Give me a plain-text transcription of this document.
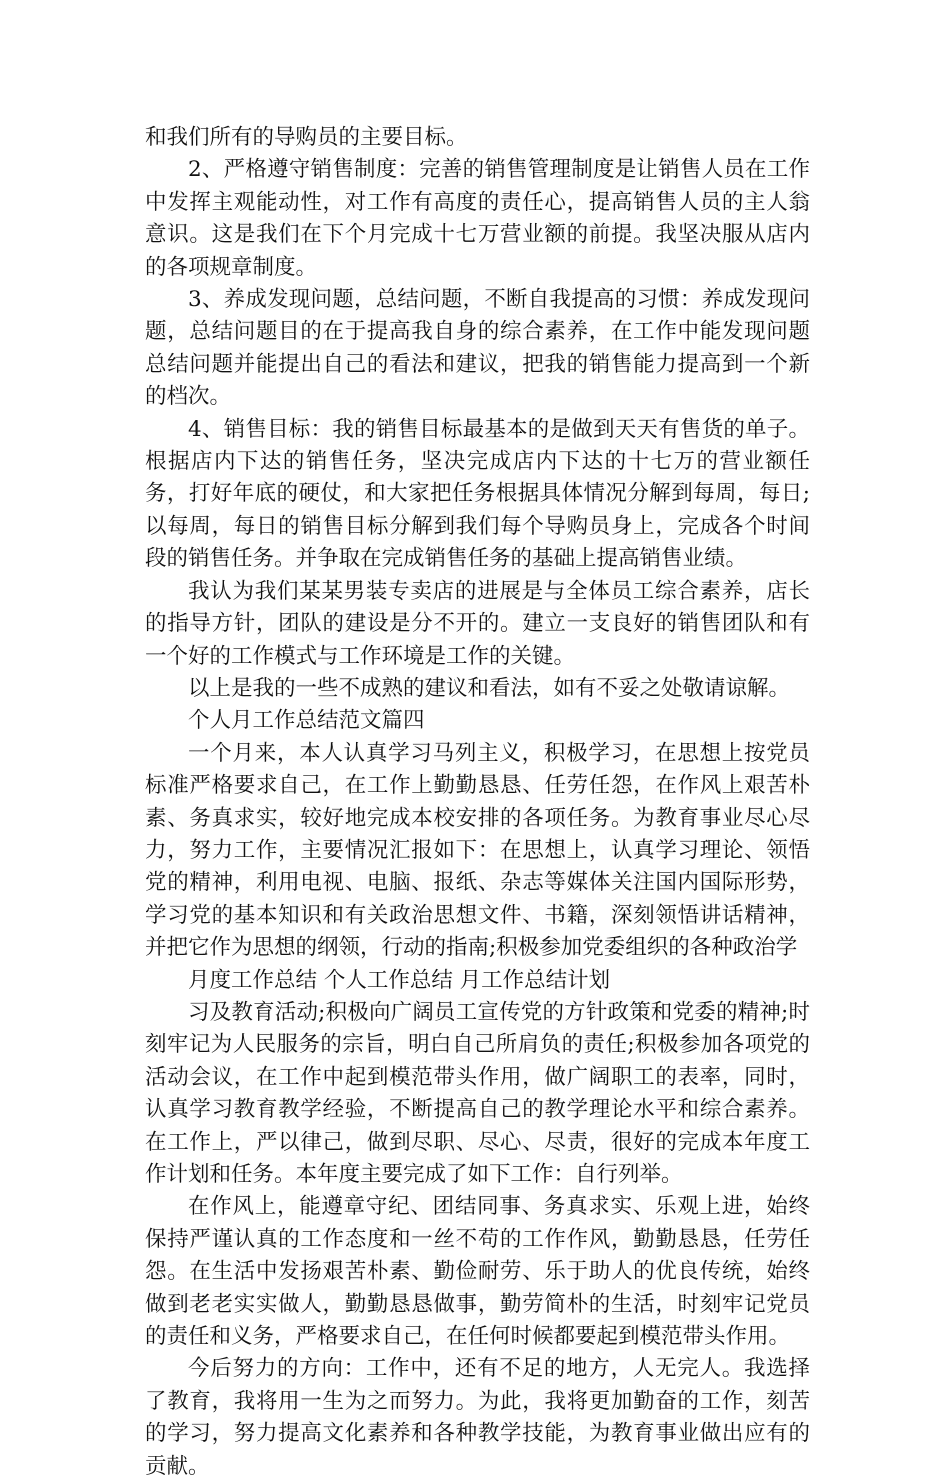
和我们所有的导购员的主要目标。

2、严格遵守销售制度：完善的销售管理制度是让销售人员在工作中发挥主观能动性，对工作有高度的责任心，提高销售人员的主人翁意识。这是我们在下个月完成十七万营业额的前提。我坚决服从店内的各项规章制度。

3、养成发现问题，总结问题，不断自我提高的习惯：养成发现问题，总结问题目的在于提高我自身的综合素养，在工作中能发现问题总结问题并能提出自己的看法和建议，把我的销售能力提高到一个新的档次。

4、销售目标：我的销售目标最基本的是做到天天有售货的单子。根据店内下达的销售任务，坚决完成店内下达的十七万的营业额任务，打好年底的硬仗，和大家把任务根据具体情况分解到每周，每日;以每周，每日的销售目标分解到我们每个导购员身上，完成各个时间段的销售任务。并争取在完成销售任务的基础上提高销售业绩。

我认为我们某某男装专卖店的进展是与全体员工综合素养，店长的指导方针，团队的建设是分不开的。建立一支良好的销售团队和有一个好的工作模式与工作环境是工作的关键。

以上是我的一些不成熟的建议和看法，如有不妥之处敬请谅解。

个人月工作总结范文篇四

一个月来，本人认真学习马列主义，积极学习，在思想上按党员标准严格要求自己，在工作上勤勤恳恳、任劳任怨，在作风上艰苦朴素、务真求实，较好地完成本校安排的各项任务。为教育事业尽心尽力，努力工作，主要情况汇报如下：在思想上，认真学习理论、领悟党的精神，利用电视、电脑、报纸、杂志等媒体关注国内国际形势，学习党的基本知识和有关政治思想文件、书籍，深刻领悟讲话精神，并把它作为思想的纲领，行动的指南;积极参加党委组织的各种政治学

月度工作总结 个人工作总结 月工作总结计划

习及教育活动;积极向广阔员工宣传党的方针政策和党委的精神;时刻牢记为人民服务的宗旨，明白自己所肩负的责任;积极参加各项党的活动会议，在工作中起到模范带头作用，做广阔职工的表率，同时，认真学习教育教学经验，不断提高自己的教学理论水平和综合素养。在工作上，严以律己，做到尽职、尽心、尽责，很好的完成本年度工作计划和任务。本年度主要完成了如下工作：自行列举。

在作风上，能遵章守纪、团结同事、务真求实、乐观上进，始终保持严谨认真的工作态度和一丝不苟的工作作风，勤勤恳恳，任劳任怨。在生活中发扬艰苦朴素、勤俭耐劳、乐于助人的优良传统，始终做到老老实实做人，勤勤恳恳做事，勤劳简朴的生活，时刻牢记党员的责任和义务，严格要求自己，在任何时候都要起到模范带头作用。

今后努力的方向：工作中，还有不足的地方，人无完人。我选择了教育，我将用一生为之而努力。为此，我将更加勤奋的工作，刻苦的学习，努力提高文化素养和各种教学技能，为教育事业做出应有的贡献。
